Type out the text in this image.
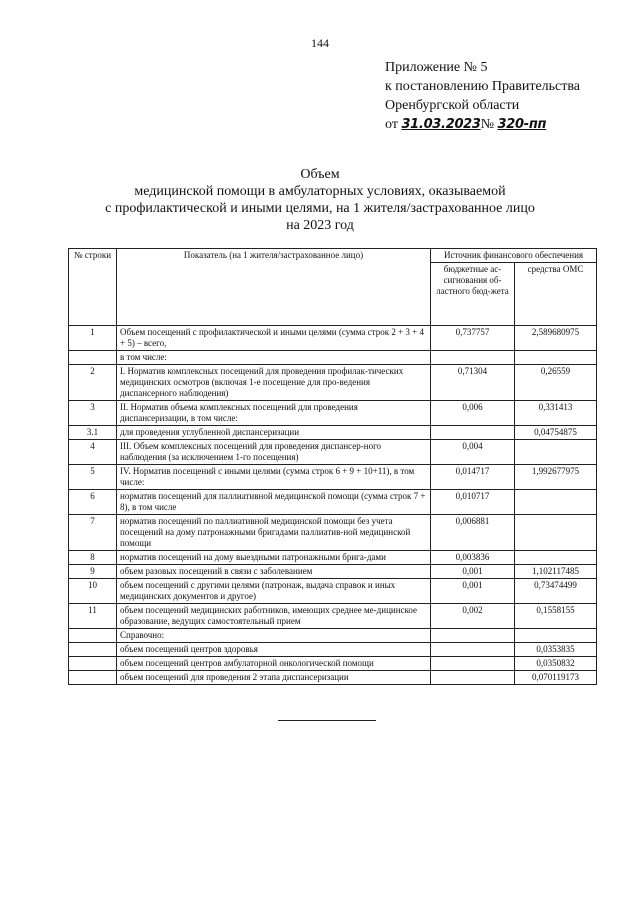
144
Приложение № 5
к постановлению Правительства
Оренбургской области
от 31.03.2023№ 320-пп
Объем
медицинской помощи в амбулаторных условиях, оказываемой
с профилактической и иными целями, на 1 жителя/застрахованное лицо
на 2023 год
№ строки	Показатель (на 1 жителя/застрахованное лицо)	Источник финансового обеспечения	
		бюджетные ас-сигнования об-ластного бюд-жета	средства ОМС
1	Объем посещений с профилактической и иными целями (сумма строк 2 + 3 + 4 + 5) – всего,	0,737757	2,589680975
	в том числе:		
2	I. Норматив комплексных посещений для проведения профилак-тических медицинских осмотров (включая 1-е посещение для про-ведения диспансерного наблюдения)	0,71304	0,26559
3	II. Норматив объема комплексных посещений для проведения диспансеризации, в том числе:	0,006	0,331413
3.1	для проведения углубленной диспансеризации		0,04754875
4	III. Объем комплексных посещений для проведения диспансер-ного наблюдения (за исключением 1-го посещения)	0,004	
5	IV. Норматив посещений с иными целями (сумма строк 6 + 9 + 10+11), в том числе:	0,014717	1,992677975
6	норматив посещений для паллиативной медицинской помощи (сумма строк 7 + 8), в том числе	0,010717	
7	норматив посещений по паллиативной медицинской помощи без учета посещений на дому патронажными бригадами паллиатив-ной медицинской помощи	0,006881	
8	норматив посещений на дому выездными патронажными брига-дами	0,003836	
9	объем разовых посещений в связи с заболеванием	0,001	1,102117485
10	объем посещений с другими целями (патронаж, выдача справок и иных медицинских документов и другое)	0,001	0,73474499
11	объем посещений медицинских работников, имеющих среднее ме-дицинское образование, ведущих самостоятельный прием	0,002	0,1558155
	Справочно:		
	объем посещений центров здоровья		0,0353835
	объем посещений центров амбулаторной онкологической помощи		0,0350832
	объем посещений для проведения 2 этапа диспансеризации		0,070119173
